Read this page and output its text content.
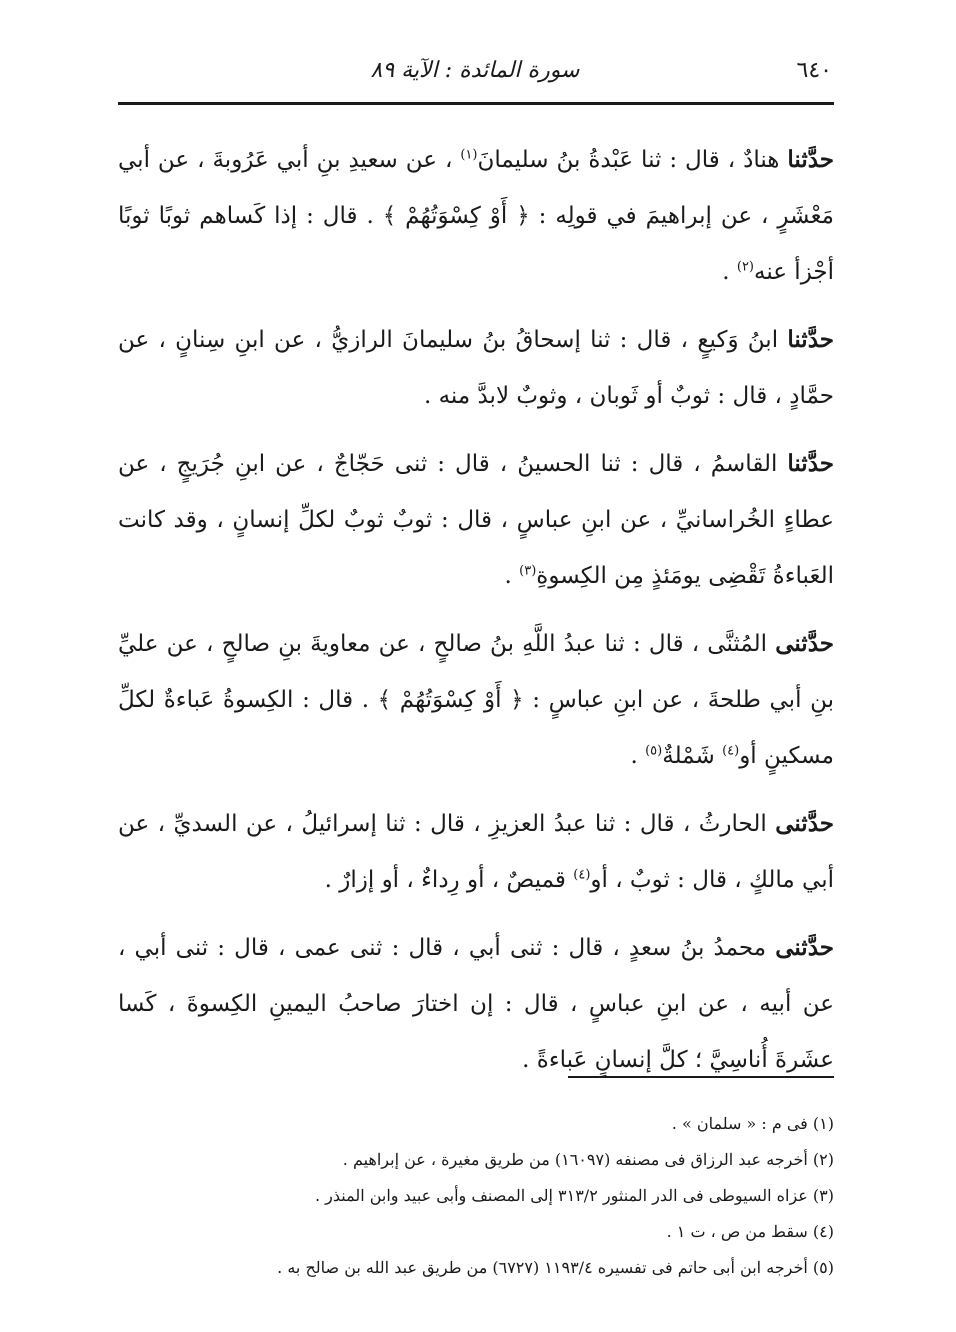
٦٤٠
سورة المائدة : الآية ٨٩

حدَّثنا هنادٌ ، قال : ثنا عَبْدةُ بنُ سليمانَ$^{(١)}$ ، عن سعيدِ بنِ أبي عَرُوبةَ ، عن أبي مَعْشَرٍ ، عن إبراهيمَ في قولِه : ﴿ أَوْ كِسْوَتُهُمْ ﴾ . قال : إذا كَساهم ثوبًا ثوبًا أجْزأ عنه$^{(٢)}$ .

حدَّثنا ابنُ وَكيعٍ ، قال : ثنا إسحاقُ بنُ سليمانَ الرازيُّ ، عن ابنِ سِنانٍ ، عن حمَّادٍ ، قال : ثوبٌ أو ثَوبان ، وثوبٌ لابدَّ منه .

حدَّثنا القاسمُ ، قال : ثنا الحسينُ ، قال : ثنى حَجّاجٌ ، عن ابنِ جُرَيجٍ ، عن عطاءٍ الخُراسانيِّ ، عن ابنِ عباسٍ ، قال : ثوبٌ ثوبٌ لكلِّ إنسانٍ ، وقد كانت العَباءةُ تَقْضِى يومَئذٍ مِن الكِسوةِ$^{(٣)}$ .

حدَّثنى المُثنَّى ، قال : ثنا عبدُ اللَّهِ بنُ صالحٍ ، عن معاويةَ بنِ صالحٍ ، عن عليِّ بنِ أبي طلحةَ ، عن ابنِ عباسٍ : ﴿ أَوْ كِسْوَتُهُمْ ﴾ . قال : الكِسوةُ عَباءةٌ لكلِّ مسكينٍ أو$^{(٤)}$ شَمْلةٌ$^{(٥)}$ .

حدَّثنى الحارثُ ، قال : ثنا عبدُ العزيزِ ، قال : ثنا إسرائيلُ ، عن السديِّ ، عن أبي مالكٍ ، قال : ثوبٌ ، أو$^{(٤)}$ قميصٌ ، أو رِداءٌ ، أو إزارٌ .

حدَّثنى محمدُ بنُ سعدٍ ، قال : ثنى أبي ، قال : ثنى عمى ، قال : ثنى أبي ، عن أبيه ، عن ابنِ عباسٍ ، قال : إن اختارَ صاحبُ اليمينِ الكِسوةَ ، كَسا عشَرةَ أُناسِيَّ ؛ كلَّ إنسانٍ عَباءةً .

(١) فى م : « سلمان » .

(٢) أخرجه عبد الرزاق فى مصنفه (١٦٠٩٧) من طريق مغيرة ، عن إبراهيم .

(٣) عزاه السيوطى فى الدر المنثور ٣١٣/٢ إلى المصنف وأبى عبيد وابن المنذر .

(٤) سقط من ص ، ت ١ .

(٥) أخرجه ابن أبى حاتم فى تفسيره ١١٩٣/٤ (٦٧٢٧) من طريق عبد الله بن صالح به .
